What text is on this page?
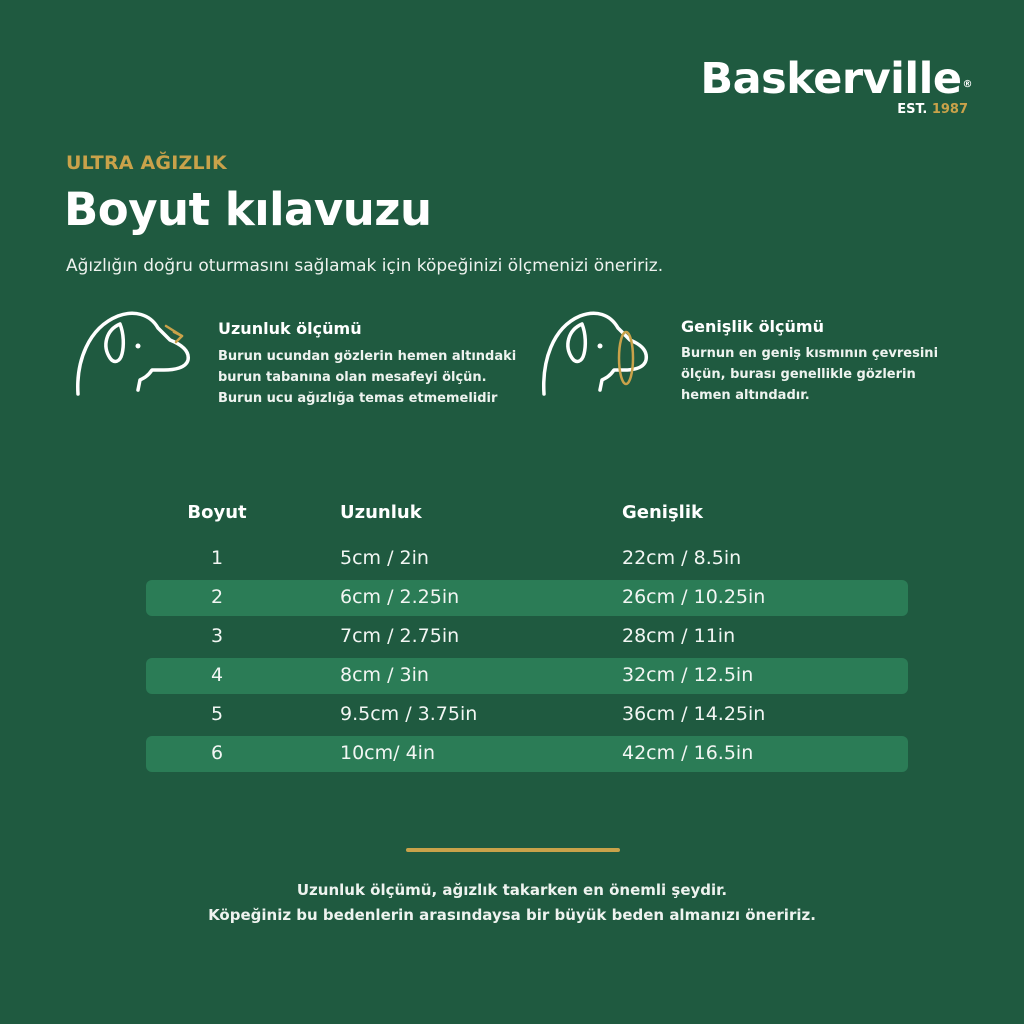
Baskerville®
EST. 1987
ULTRA AĞIZLIK
Boyut kılavuzu
Ağızlığın doğru oturmasını sağlamak için köpeğinizi ölçmenizi öneririz.
Uzunluk ölçümü
Burun ucundan gözlerin hemen altındaki
burun tabanına olan mesafeyi ölçün.
Burun ucu ağızlığa temas etmemelidir
Genişlik ölçümü
Burnun en geniş kısmının çevresini
ölçün, burası genellikle gözlerin
hemen altındadır.
Boyut	Uzunluk	Genişlik
1	5cm / 2in	22cm / 8.5in
2	6cm / 2.25in	26cm / 10.25in
3	7cm / 2.75in	28cm / 11in
4	8cm / 3in	32cm / 12.5in
5	9.5cm / 3.75in	36cm / 14.25in
6	10cm/ 4in	42cm / 16.5in
Uzunluk ölçümü, ağızlık takarken en önemli şeydir.
Köpeğiniz bu bedenlerin arasındaysa bir büyük beden almanızı öneririz.
